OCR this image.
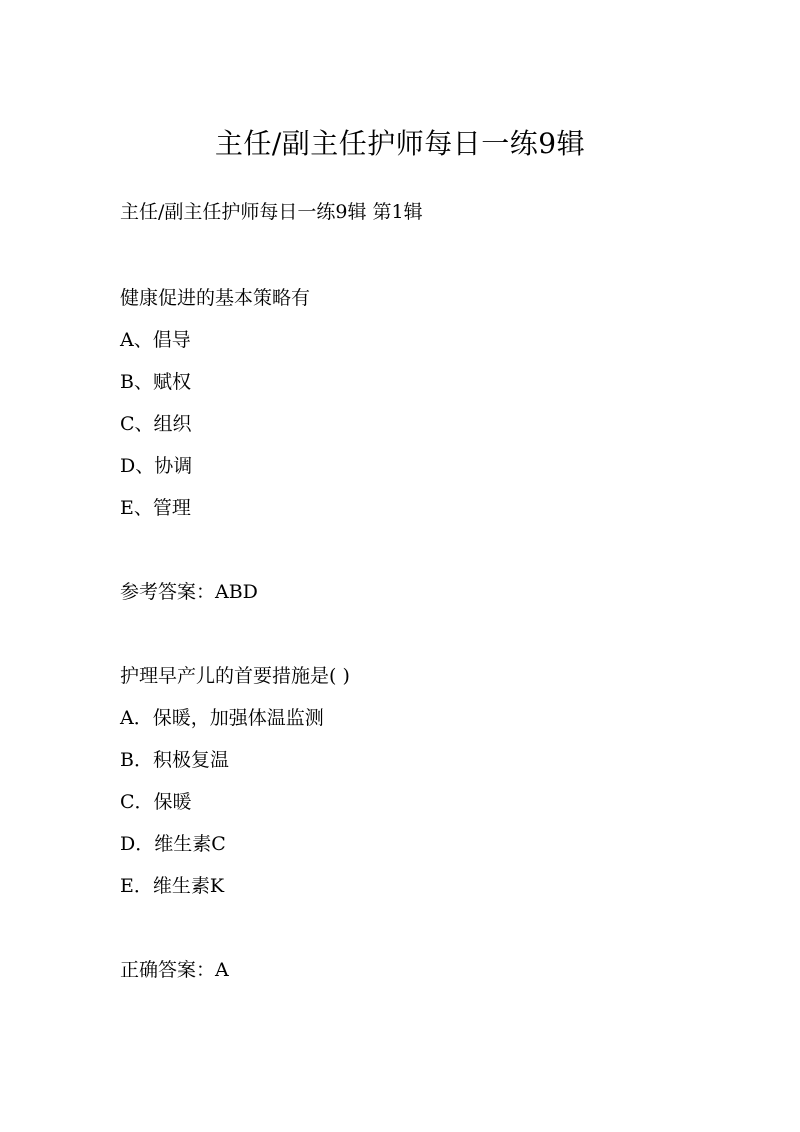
主任/副主任护师每日一练9辑

主任/副主任护师每日一练9辑 第1辑

健康促进的基本策略有

A、倡导

B、赋权

C、组织

D、协调

E、管理

参考答案：ABD

护理早产儿的首要措施是( )

A．保暖，加强体温监测

B．积极复温

C．保暖

D．维生素C

E．维生素K

正确答案：A
